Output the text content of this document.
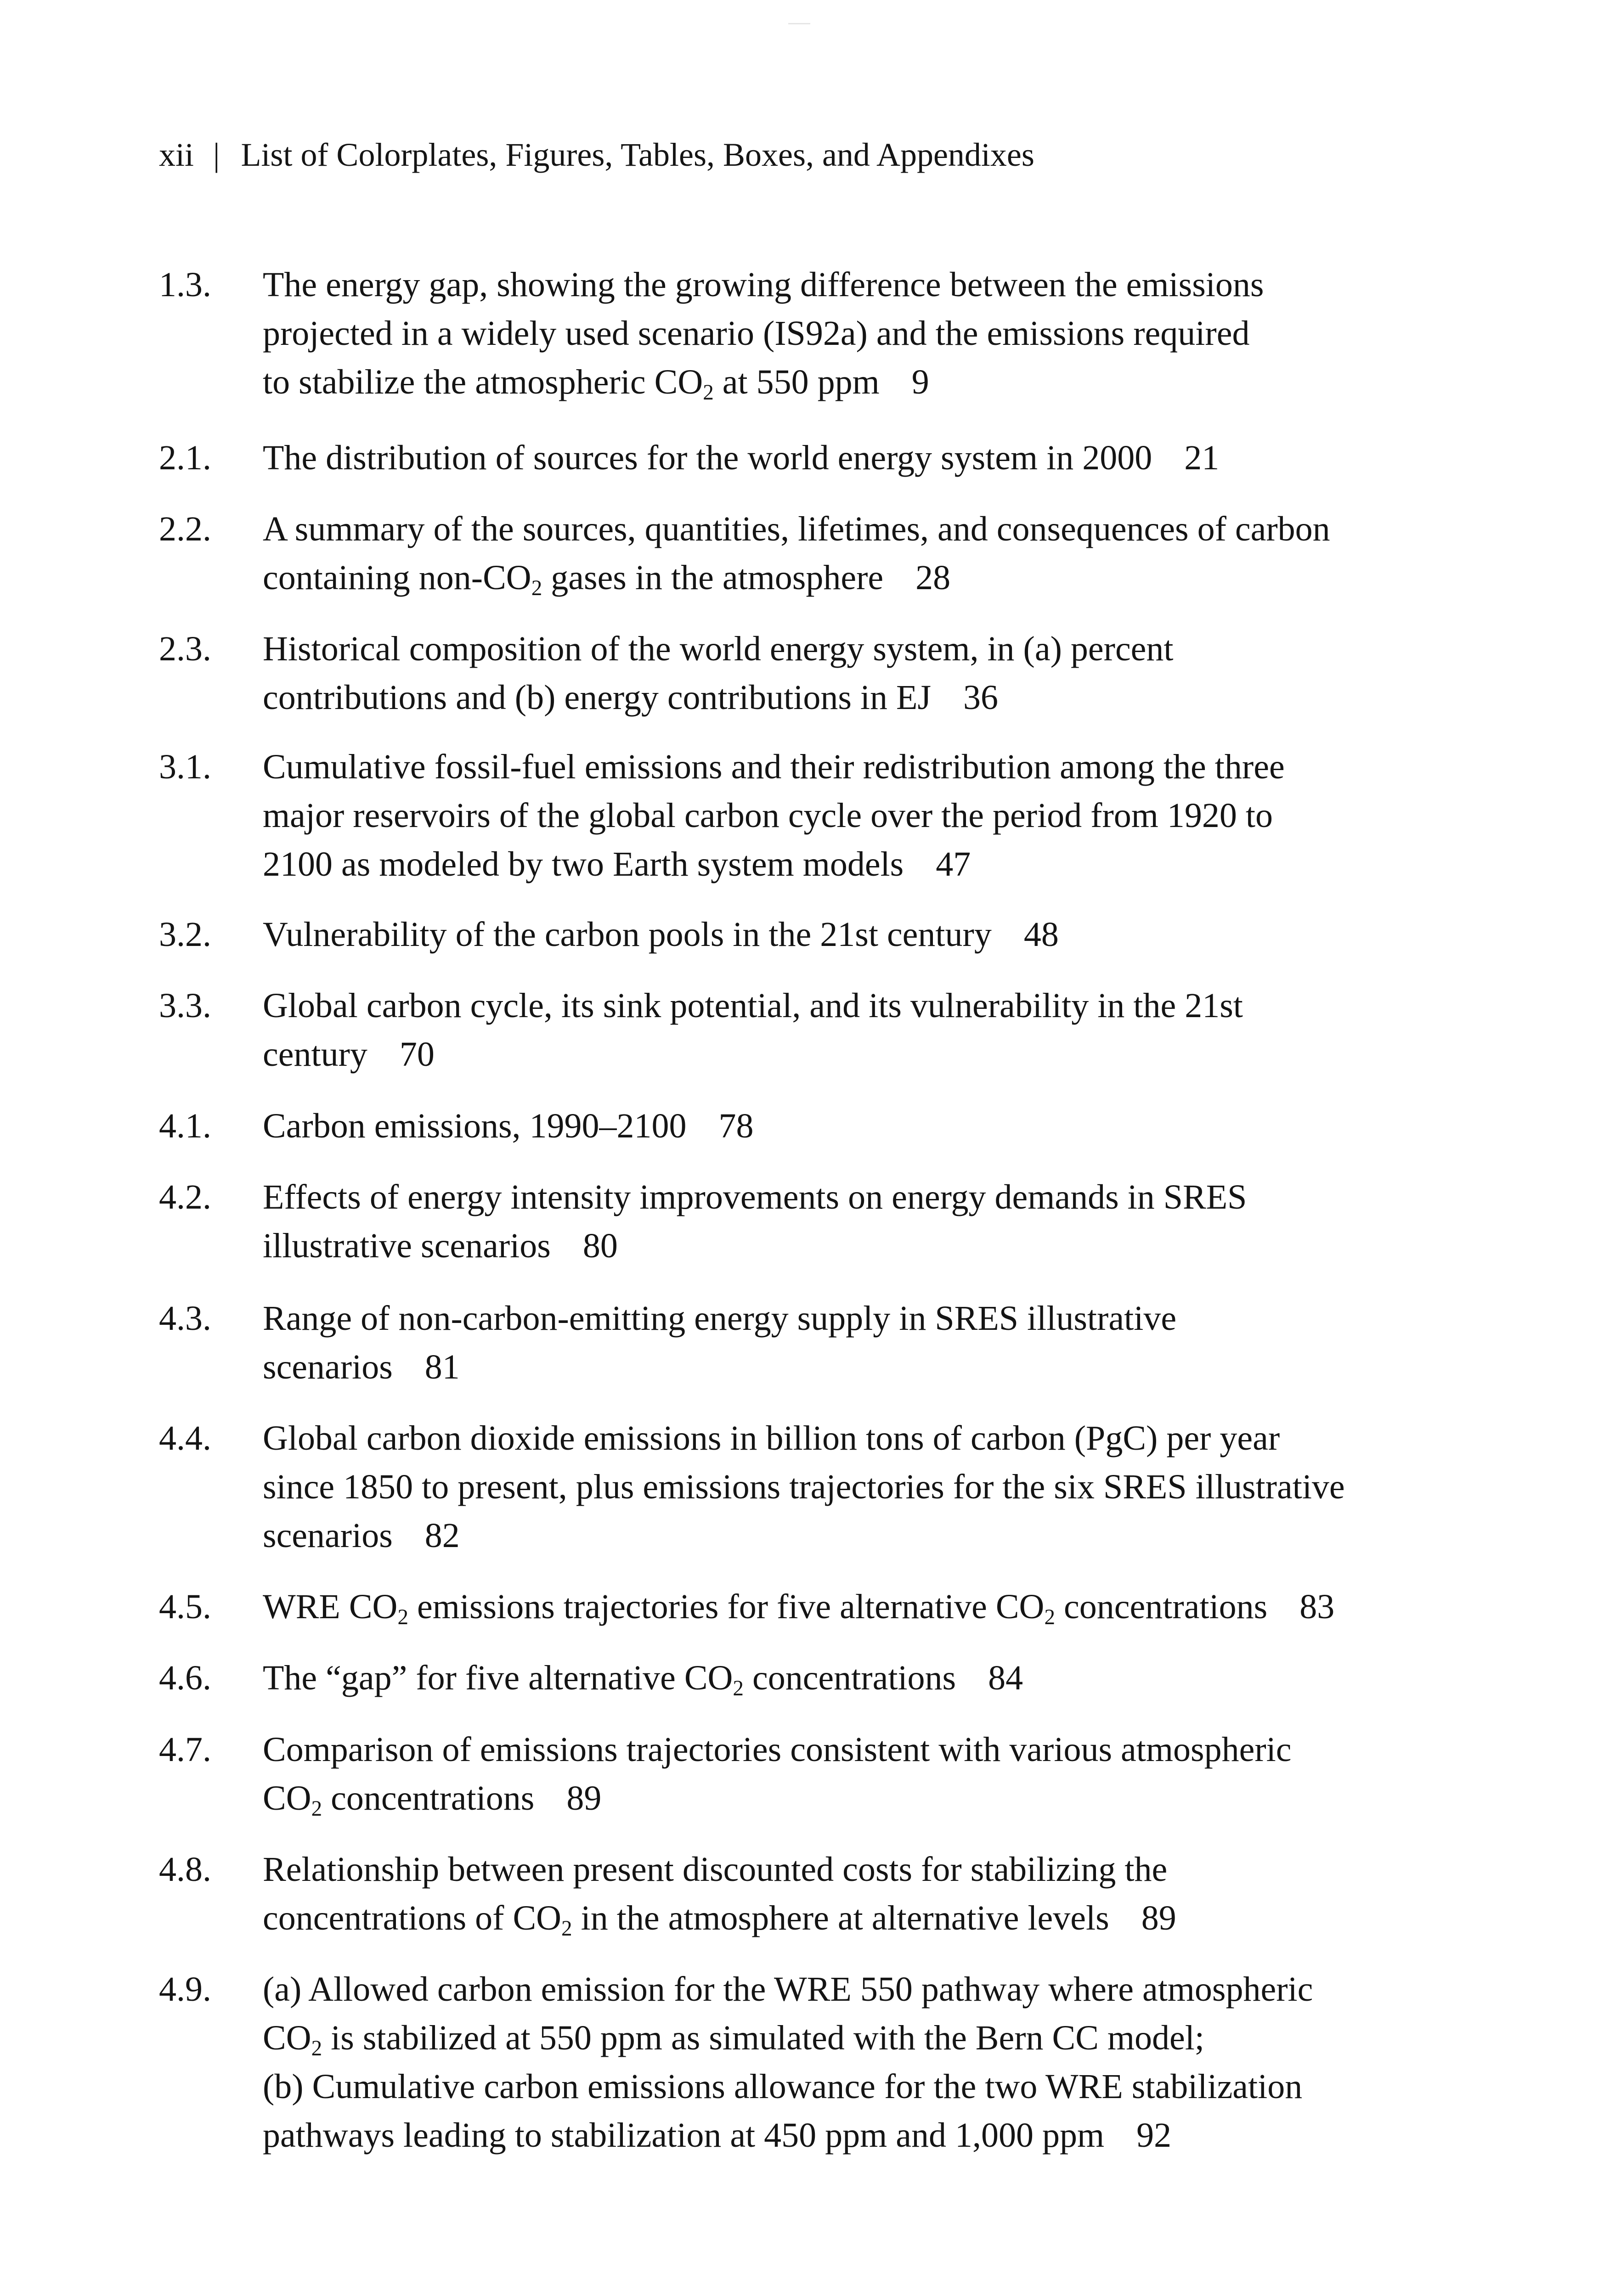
xii | List of Colorplates, Figures, Tables, Boxes, and Appendixes
1.3.	The energy gap, showing the growing difference between the emissions
projected in a widely used scenario (IS92a) and the emissions required
to stabilize the atmospheric $CO_2$ at 550 ppm 9
2.1.	The distribution of sources for the world energy system in 2000 21
2.2.	A summary of the sources, quantities, lifetimes, and consequences of carbon
containing non-$CO_2$ gases in the atmosphere 28
2.3.	Historical composition of the world energy system, in (a) percent
contributions and (b) energy contributions in EJ 36
3.1.	Cumulative fossil-fuel emissions and their redistribution among the three
major reservoirs of the global carbon cycle over the period from 1920 to
2100 as modeled by two Earth system models 47
3.2.	Vulnerability of the carbon pools in the 21st century 48
3.3.	Global carbon cycle, its sink potential, and its vulnerability in the 21st
century 70
4.1.	Carbon emissions, 1990–2100 78
4.2.	Effects of energy intensity improvements on energy demands in SRES
illustrative scenarios 80
4.3.	Range of non-carbon-emitting energy supply in SRES illustrative
scenarios 81
4.4.	Global carbon dioxide emissions in billion tons of carbon (PgC) per year
since 1850 to present, plus emissions trajectories for the six SRES illustrative
scenarios 82
4.5.	WRE $CO_2$ emissions trajectories for five alternative $CO_2$ concentrations 83
4.6.	The “gap” for five alternative $CO_2$ concentrations 84
4.7.	Comparison of emissions trajectories consistent with various atmospheric
$CO_2$ concentrations 89
4.8.	Relationship between present discounted costs for stabilizing the
concentrations of $CO_2$ in the atmosphere at alternative levels 89
4.9.	(a) Allowed carbon emission for the WRE 550 pathway where atmospheric
$CO_2$ is stabilized at 550 ppm as simulated with the Bern CC model;
(b) Cumulative carbon emissions allowance for the two WRE stabilization
pathways leading to stabilization at 450 ppm and 1,000 ppm 92
